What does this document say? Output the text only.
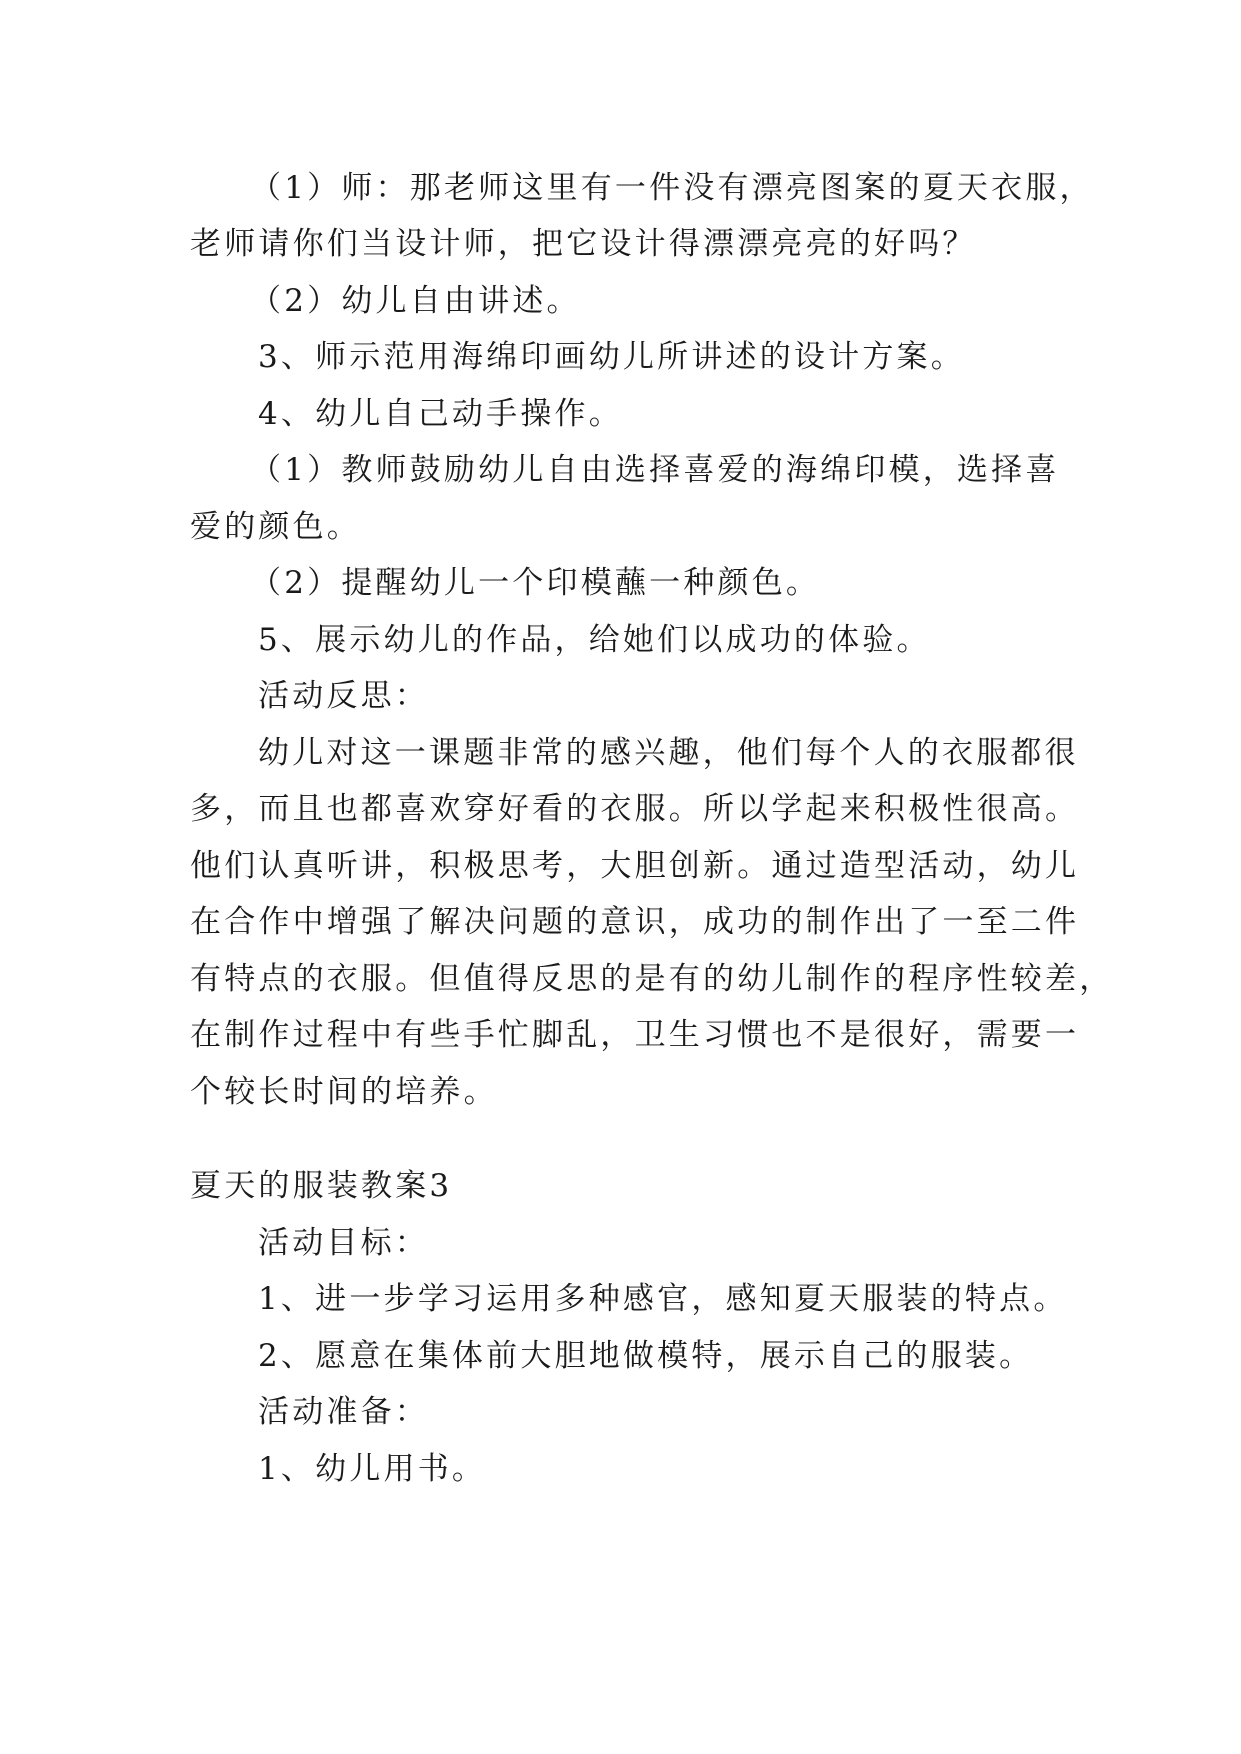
（1）师：那老师这里有一件没有漂亮图案的夏天衣服，
老师请你们当设计师，把它设计得漂漂亮亮的好吗？
（2）幼儿自由讲述。
3、师示范用海绵印画幼儿所讲述的设计方案。
4、幼儿自己动手操作。
（1）教师鼓励幼儿自由选择喜爱的海绵印模，选择喜
爱的颜色。
（2）提醒幼儿一个印模蘸一种颜色。
5、展示幼儿的作品，给她们以成功的体验。
活动反思：
幼儿对这一课题非常的感兴趣，他们每个人的衣服都很
多，而且也都喜欢穿好看的衣服。所以学起来积极性很高。
他们认真听讲，积极思考，大胆创新。通过造型活动，幼儿
在合作中增强了解决问题的意识，成功的制作出了一至二件
有特点的衣服。但值得反思的是有的幼儿制作的程序性较差，
在制作过程中有些手忙脚乱，卫生习惯也不是很好，需要一
个较长时间的培养。
夏天的服装教案3
活动目标：
1、进一步学习运用多种感官，感知夏天服装的特点。
2、愿意在集体前大胆地做模特，展示自己的服装。
活动准备：
1、幼儿用书。
